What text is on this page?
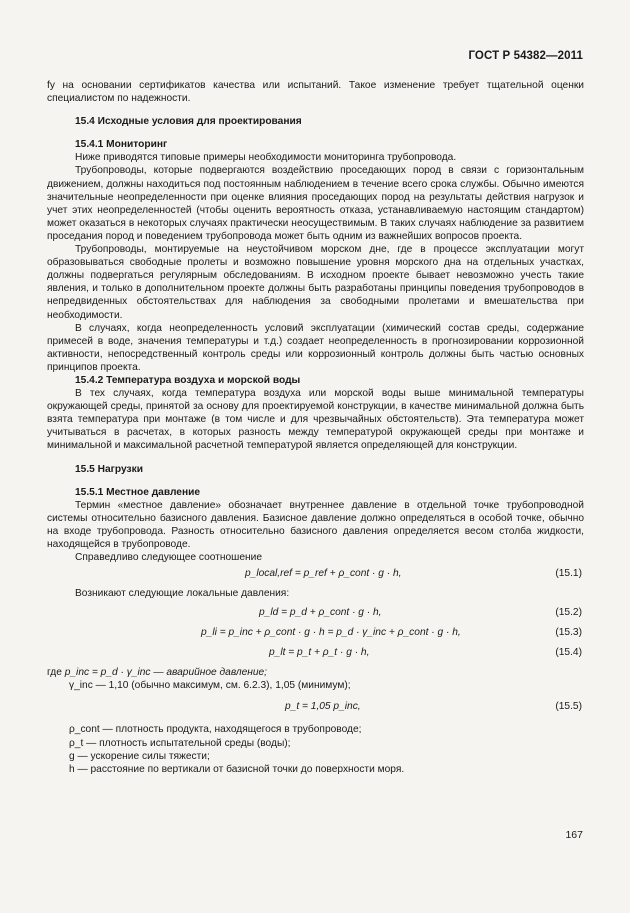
ГОСТ Р 54382—2011

fy на основании сертификатов качества или испытаний. Такое изменение требует тщательной оценки специалистом по надежности.

15.4 Исходные условия для проектирования

15.4.1 Мониторинг

Ниже приводятся типовые примеры необходимости мониторинга трубопровода.

Трубопроводы, которые подвергаются воздействию проседающих пород в связи с горизонтальным движением, должны находиться под постоянным наблюдением в течение всего срока службы. Обычно имеются значительные неопределенности при оценке влияния проседающих пород на результаты действия нагрузок и учет этих неопределенностей (чтобы оценить вероятность отказа, устанавливаемую настоящим стандартом) может оказаться в некоторых случаях практически неосуществимым. В таких случаях наблюдение за развитием проседания пород и поведением трубопровода может быть одним из важнейших вопросов проекта.

Трубопроводы, монтируемые на неустойчивом морском дне, где в процессе эксплуатации могут образовываться свободные пролеты и возможно повышение уровня морского дна на отдельных участках, должны подвергаться регулярным обследованиям. В исходном проекте бывает невозможно учесть такие явления, и только в дополнительном проекте должны быть разработаны принципы поведения трубопроводов в непредвиденных обстоятельствах для наблюдения за свободными пролетами и вмешательства при необходимости.

В случаях, когда неопределенность условий эксплуатации (химический состав среды, содержание примесей в воде, значения температуры и т.д.) создает неопределенность в прогнозировании коррозионной активности, непосредственный контроль среды или коррозионный контроль должны быть частью основных принципов проекта.

15.4.2 Температура воздуха и морской воды

В тех случаях, когда температура воздуха или морской воды выше минимальной температуры окружающей среды, принятой за основу для проектируемой конструкции, в качестве минимальной должна быть взята температура при монтаже (в том числе и для чрезвычайных обстоятельств). Эта температура может учитываться в расчетах, в которых разность между температурой окружающей среды при монтаже и минимальной и максимальной расчетной температурой является определяющей для конструкции.

15.5 Нагрузки

15.5.1 Местное давление

Термин «местное давление» обозначает внутреннее давление в отдельной точке трубопроводной системы относительно базисного давления. Базисное давление должно определяться в особой точке, обычно на входе трубопровода. Разность относительно базисного давления определяется весом столба жидкости, находящейся в трубопроводе.

Справедливо следующее соотношение

p_local,ref = p_ref + ρ_cont · g · h,	(15.1)

Возникают следующие локальные давления:

p_ld = p_d + ρ_cont · g · h,	(15.2)
p_li = p_inc + ρ_cont · g · h = p_d · γ_inc + ρ_cont · g · h,	(15.3)
p_lt = p_t + ρ_t · g · h,	(15.4)

где p_inc = p_d · γ_inc — аварийное давление;

γ_inc — 1,10 (обычно максимум, см. 6.2.3), 1,05 (минимум);

p_t = 1,05 p_inc,	(15.5)

ρ_cont — плотность продукта, находящегося в трубопроводе;

ρ_t — плотность испытательной среды (воды);

g — ускорение силы тяжести;

h — расстояние по вертикали от базисной точки до поверхности моря.

167
